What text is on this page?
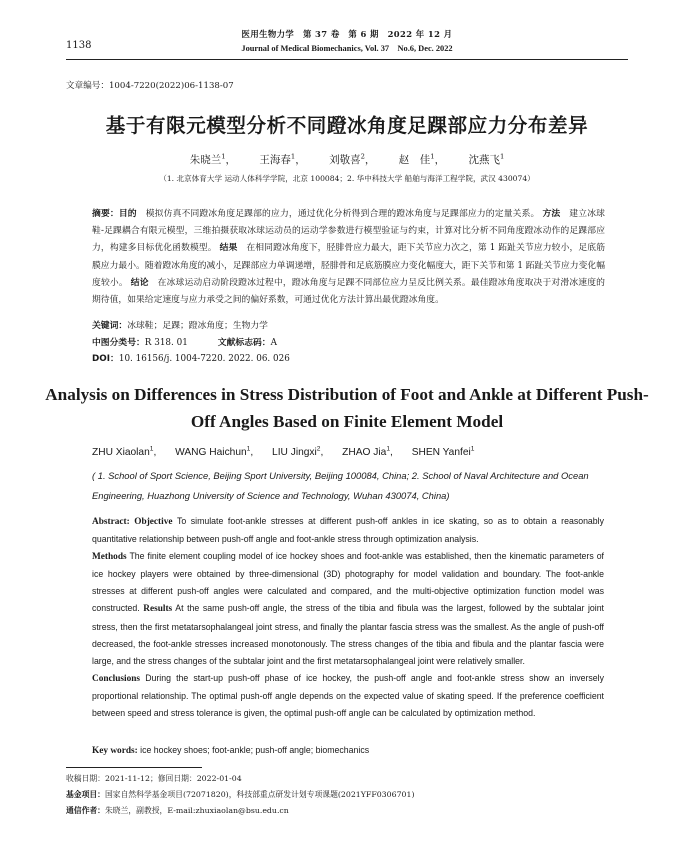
1138
医用生物力学　第 37 卷　第 6 期　2022 年 12 月
Journal of Medical Biomechanics, Vol. 37　No.6, Dec. 2022
文章编号：1004-7220(2022)06-1138-07
基于有限元模型分析不同蹬冰角度足踝部应力分布差异
朱晓兰$^1$， 王海春$^1$， 刘敬喜$^2$， 赵　佳$^1$， 沈燕飞$^1$
（1. 北京体育大学 运动人体科学学院，北京 100084；2. 华中科技大学 船舶与海洋工程学院，武汉 430074）
摘要：目的　模拟仿真不同蹬冰角度足踝部的应力，通过优化分析得到合理的蹬冰角度与足踝部应力的定量关系。 方法　建立冰球鞋-足踝耦合有限元模型，三维拍摄获取冰球运动员的运动学参数进行模型验证与约束，计算对比分析不同角度蹬冰动作的足踝部应力，构建多目标优化函数模型。 结果　在相同蹬冰角度下，胫腓骨应力最大，距下关节应力次之，第 1 跖趾关节应力较小，足底筋膜应力最小。随着蹬冰角度的减小，足踝部应力单调递增，胫腓骨和足底筋膜应力变化幅度大，距下关节和第 1 跖趾关节应力变化幅度较小。 结论　在冰球运动启动阶段蹬冰过程中，蹬冰角度与足踝不同部位应力呈反比例关系。最佳蹬冰角度取决于对滑冰速度的期待值，如果给定速度与应力承受之间的偏好系数，可通过优化方法计算出最优蹬冰角度。
关键词：冰球鞋；足踝；蹬冰角度；生物力学
中图分类号：R 318. 01	文献标志码：A
DOI：10. 16156/j. 1004-7220. 2022. 06. 026
Analysis on Differences in Stress Distribution of Foot and Ankle at Different Push-Off Angles Based on Finite Element Model
ZHU Xiaolan$^1$, WANG Haichun$^1$, LIU Jingxi$^2$, ZHAO Jia$^1$, SHEN Yanfei$^1$
( 1. School of Sport Science, Beijing Sport University, Beijing 100084, China; 2. School of Naval Architecture and Ocean Engineering, Huazhong University of Science and Technology, Wuhan 430074, China)
Abstract: Objective To simulate foot-ankle stresses at different push-off ankles in ice skating, so as to obtain a reasonably quantitative relationship between push-off angle and foot-ankle stress through optimization analysis.
Methods The finite element coupling model of ice hockey shoes and foot-ankle was established, then the kinematic parameters of ice hockey players were obtained by three-dimensional (3D) photography for model validation and boundary. The foot-ankle stresses at different push-off angles were calculated and compared, and the multi-objective optimization function model was constructed. Results At the same push-off angle, the stress of the tibia and fibula was the largest, followed by the subtalar joint stress, then the first metatarsophalangeal joint stress, and finally the plantar fascia stress was the smallest. As the angle of push-off decreased, the foot-ankle stresses increased monotonously. The stress changes of the tibia and fibula and the plantar fascia were large, and the stress changes of the subtalar joint and the first metatarsophalangeal joint were relatively smaller.
Conclusions During the start-up push-off phase of ice hockey, the push-off angle and foot-ankle stress show an inversely proportional relationship. The optimal push-off angle depends on the expected value of skating speed. If the preference coefficient between speed and stress tolerance is given, the optimal push-off angle can be calculated by optimization method.
Key words: ice hockey shoes; foot-ankle; push-off angle; biomechanics
收稿日期：2021-11-12；修回日期：2022-01-04
基金项目：国家自然科学基金项目(72071820)，科技部重点研发计划专项课题(2021YFF0306701)
通信作者：朱晓兰，副教授，E-mail:zhuxiaolan@bsu.edu.cn
